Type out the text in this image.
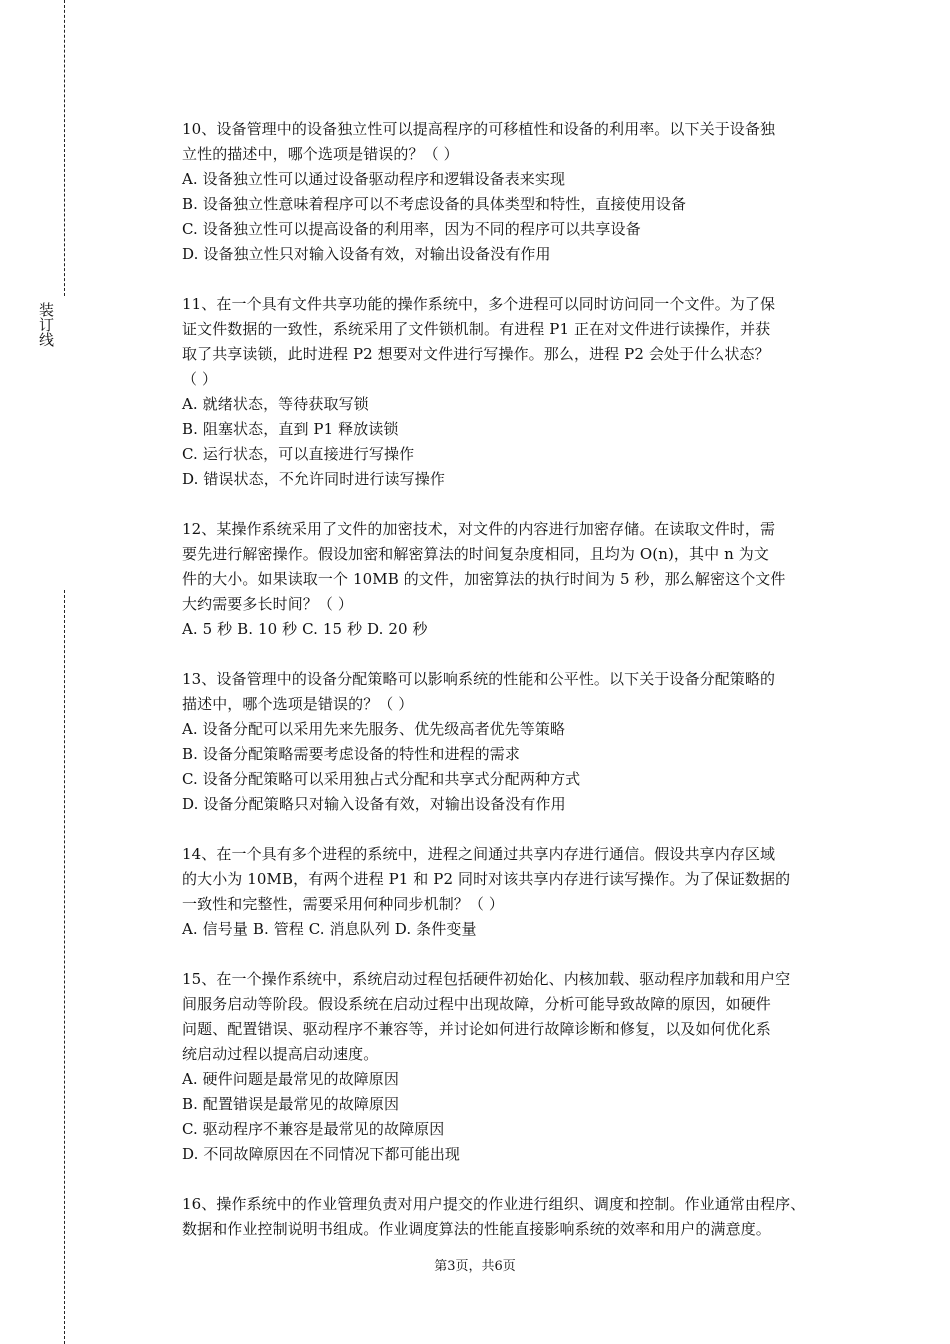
装订线
10、设备管理中的设备独立性可以提高程序的可移植性和设备的利用率。以下关于设备独
立性的描述中，哪个选项是错误的？（ ）
A. 设备独立性可以通过设备驱动程序和逻辑设备表来实现
B. 设备独立性意味着程序可以不考虑设备的具体类型和特性，直接使用设备
C. 设备独立性可以提高设备的利用率，因为不同的程序可以共享设备
D. 设备独立性只对输入设备有效，对输出设备没有作用
11、在一个具有文件共享功能的操作系统中，多个进程可以同时访问同一个文件。为了保
证文件数据的一致性，系统采用了文件锁机制。有进程 P1 正在对文件进行读操作，并获
取了共享读锁，此时进程 P2 想要对文件进行写操作。那么，进程 P2 会处于什么状态？
（ ）
A. 就绪状态，等待获取写锁
B. 阻塞状态，直到 P1 释放读锁
C. 运行状态，可以直接进行写操作
D. 错误状态，不允许同时进行读写操作
12、某操作系统采用了文件的加密技术，对文件的内容进行加密存储。在读取文件时，需
要先进行解密操作。假设加密和解密算法的时间复杂度相同，且均为 O(n)，其中 n 为文
件的大小。如果读取一个 10MB 的文件，加密算法的执行时间为 5 秒，那么解密这个文件
大约需要多长时间？（ ）
A. 5 秒 B. 10 秒 C. 15 秒 D. 20 秒
13、设备管理中的设备分配策略可以影响系统的性能和公平性。以下关于设备分配策略的
描述中，哪个选项是错误的？（ ）
A. 设备分配可以采用先来先服务、优先级高者优先等策略
B. 设备分配策略需要考虑设备的特性和进程的需求
C. 设备分配策略可以采用独占式分配和共享式分配两种方式
D. 设备分配策略只对输入设备有效，对输出设备没有作用
14、在一个具有多个进程的系统中，进程之间通过共享内存进行通信。假设共享内存区域
的大小为 10MB，有两个进程 P1 和 P2 同时对该共享内存进行读写操作。为了保证数据的
一致性和完整性，需要采用何种同步机制？（ ）
A. 信号量 B. 管程 C. 消息队列 D. 条件变量
15、在一个操作系统中，系统启动过程包括硬件初始化、内核加载、驱动程序加载和用户空
间服务启动等阶段。假设系统在启动过程中出现故障，分析可能导致故障的原因，如硬件
问题、配置错误、驱动程序不兼容等，并讨论如何进行故障诊断和修复，以及如何优化系
统启动过程以提高启动速度。
A. 硬件问题是最常见的故障原因
B. 配置错误是最常见的故障原因
C. 驱动程序不兼容是最常见的故障原因
D. 不同故障原因在不同情况下都可能出现
16、操作系统中的作业管理负责对用户提交的作业进行组织、调度和控制。作业通常由程序、
数据和作业控制说明书组成。作业调度算法的性能直接影响系统的效率和用户的满意度。
第3页，共6页
